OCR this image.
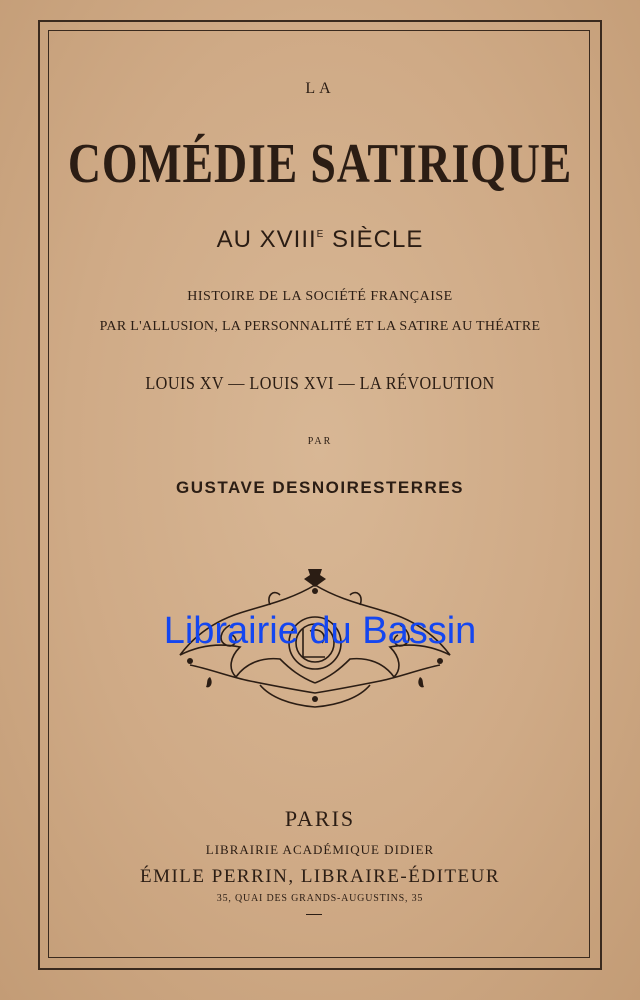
LA
COMÉDIE SATIRIQUE
AU $XVIII^E$ SIÈCLE
HISTOIRE DE LA SOCIÉTÉ FRANÇAISE
PAR L'ALLUSION, LA PERSONNALITÉ ET LA SATIRE AU THÉATRE
LOUIS XV — LOUIS XVI — LA RÉVOLUTION
PAR
GUSTAVE DESNOIRESTERRES
Librairie du Bassin
PARIS
LIBRAIRIE ACADÉMIQUE DIDIER
ÉMILE PERRIN, LIBRAIRE-ÉDITEUR
35, QUAI DES GRANDS-AUGUSTINS, 35
